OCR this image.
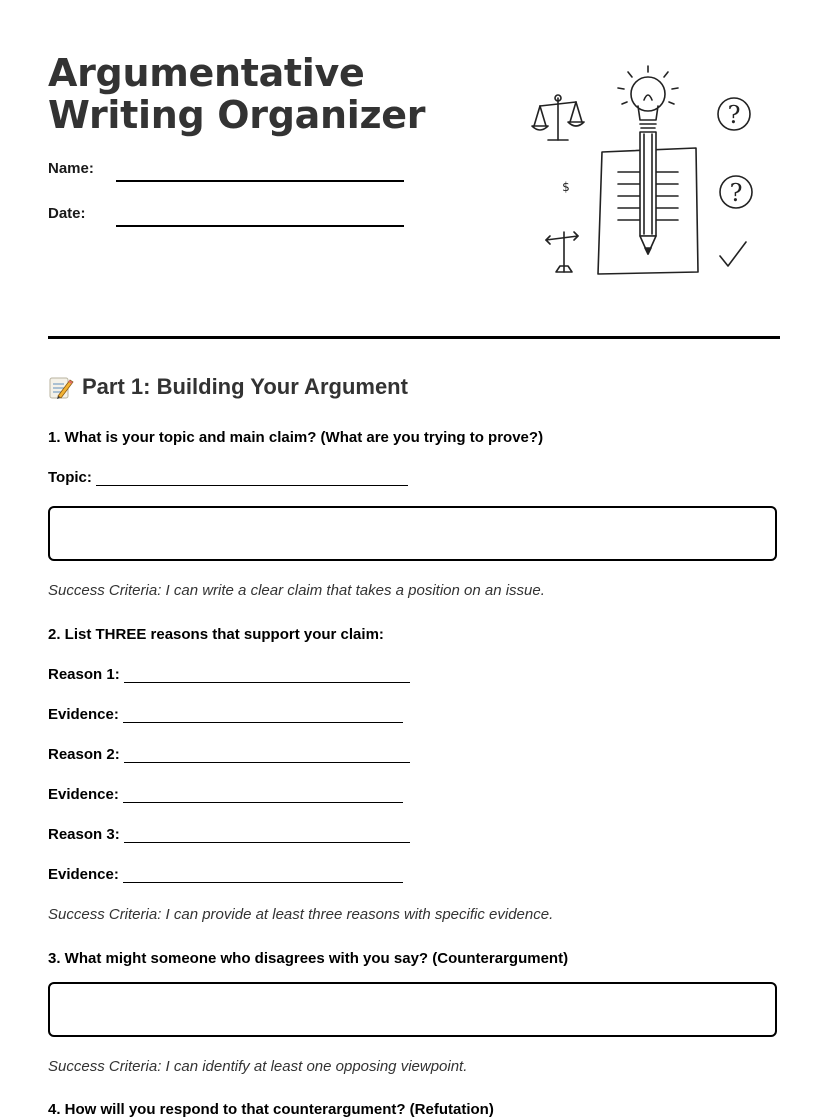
Argumentative Writing Organizer
Name:
Date:
?
?
$
Part 1: Building Your Argument

1. What is your topic and main claim? (What are you trying to prove?)

Topic:

Success Criteria: I can write a clear claim that takes a position on an issue.

2. List THREE reasons that support your claim:

Reason 1:
Evidence:
Reason 2:
Evidence:
Reason 3:
Evidence:

Success Criteria: I can provide at least three reasons with specific evidence.

3. What might someone who disagrees with you say? (Counterargument)

Success Criteria: I can identify at least one opposing viewpoint.

4. How will you respond to that counterargument? (Refutation)
